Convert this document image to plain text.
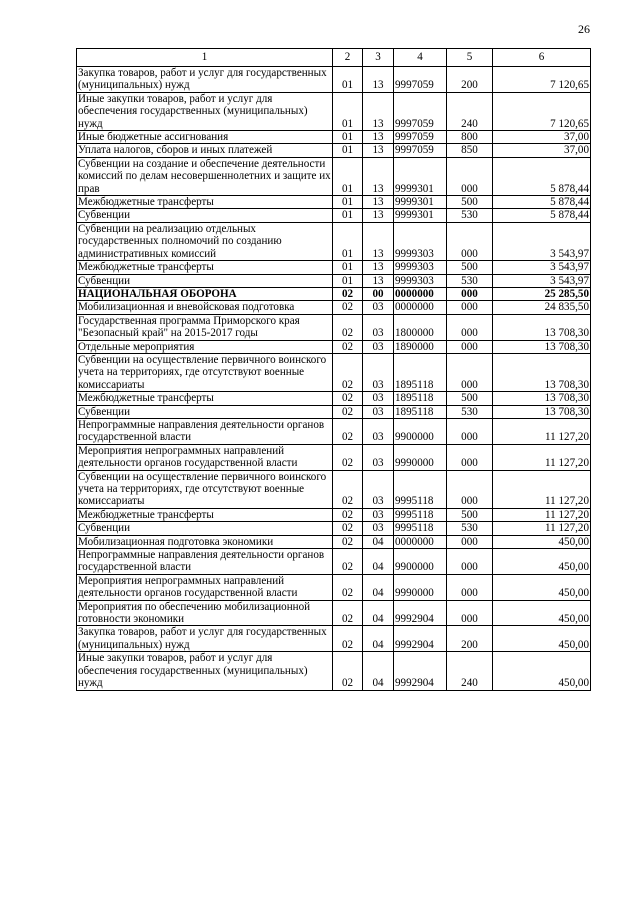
26
1	2	3	4	5	6
Закупка товаров, работ и услуг для государственных (муниципальных) нужд	01	13	9997059	200	7 120,65
Иные закупки товаров, работ и услуг для обеспечения государственных (муниципальных) нужд	01	13	9997059	240	7 120,65
Иные бюджетные ассигнования	01	13	9997059	800	37,00
Уплата налогов, сборов и иных платежей	01	13	9997059	850	37,00
Субвенции на создание и обеспечение деятельности комиссий по делам несовершеннолетних и защите их прав	01	13	9999301	000	5 878,44
Межбюджетные трансферты	01	13	9999301	500	5 878,44
Субвенции	01	13	9999301	530	5 878,44
Субвенции на реализацию отдельных государственных полномочий по созданию административных комиссий	01	13	9999303	000	3 543,97
Межбюджетные трансферты	01	13	9999303	500	3 543,97
Субвенции	01	13	9999303	530	3 543,97
НАЦИОНАЛЬНАЯ ОБОРОНА	02	00	0000000	000	25 285,50
Мобилизационная и вневойсковая подготовка	02	03	0000000	000	24 835,50
Государственная программа Приморского края "Безопасный край" на 2015-2017 годы	02	03	1800000	000	13 708,30
Отдельные мероприятия	02	03	1890000	000	13 708,30
Субвенции на осуществление первичного воинского учета на территориях, где отсутствуют военные комиссариаты	02	03	1895118	000	13 708,30
Межбюджетные трансферты	02	03	1895118	500	13 708,30
Субвенции	02	03	1895118	530	13 708,30
Непрограммные направления деятельности органов государственной власти	02	03	9900000	000	11 127,20
Мероприятия непрограммных направлений деятельности органов государственной власти	02	03	9990000	000	11 127,20
Субвенции на осуществление первичного воинского учета на территориях, где отсутствуют военные комиссариаты	02	03	9995118	000	11 127,20
Межбюджетные трансферты	02	03	9995118	500	11 127,20
Субвенции	02	03	9995118	530	11 127,20
Мобилизационная подготовка экономики	02	04	0000000	000	450,00
Непрограммные направления деятельности органов государственной власти	02	04	9900000	000	450,00
Мероприятия непрограммных направлений деятельности органов государственной власти	02	04	9990000	000	450,00
Мероприятия по обеспечению мобилизационной готовности экономики	02	04	9992904	000	450,00
Закупка товаров, работ и услуг для государственных (муниципальных) нужд	02	04	9992904	200	450,00
Иные закупки товаров, работ и услуг для обеспечения государственных (муниципальных) нужд	02	04	9992904	240	450,00
